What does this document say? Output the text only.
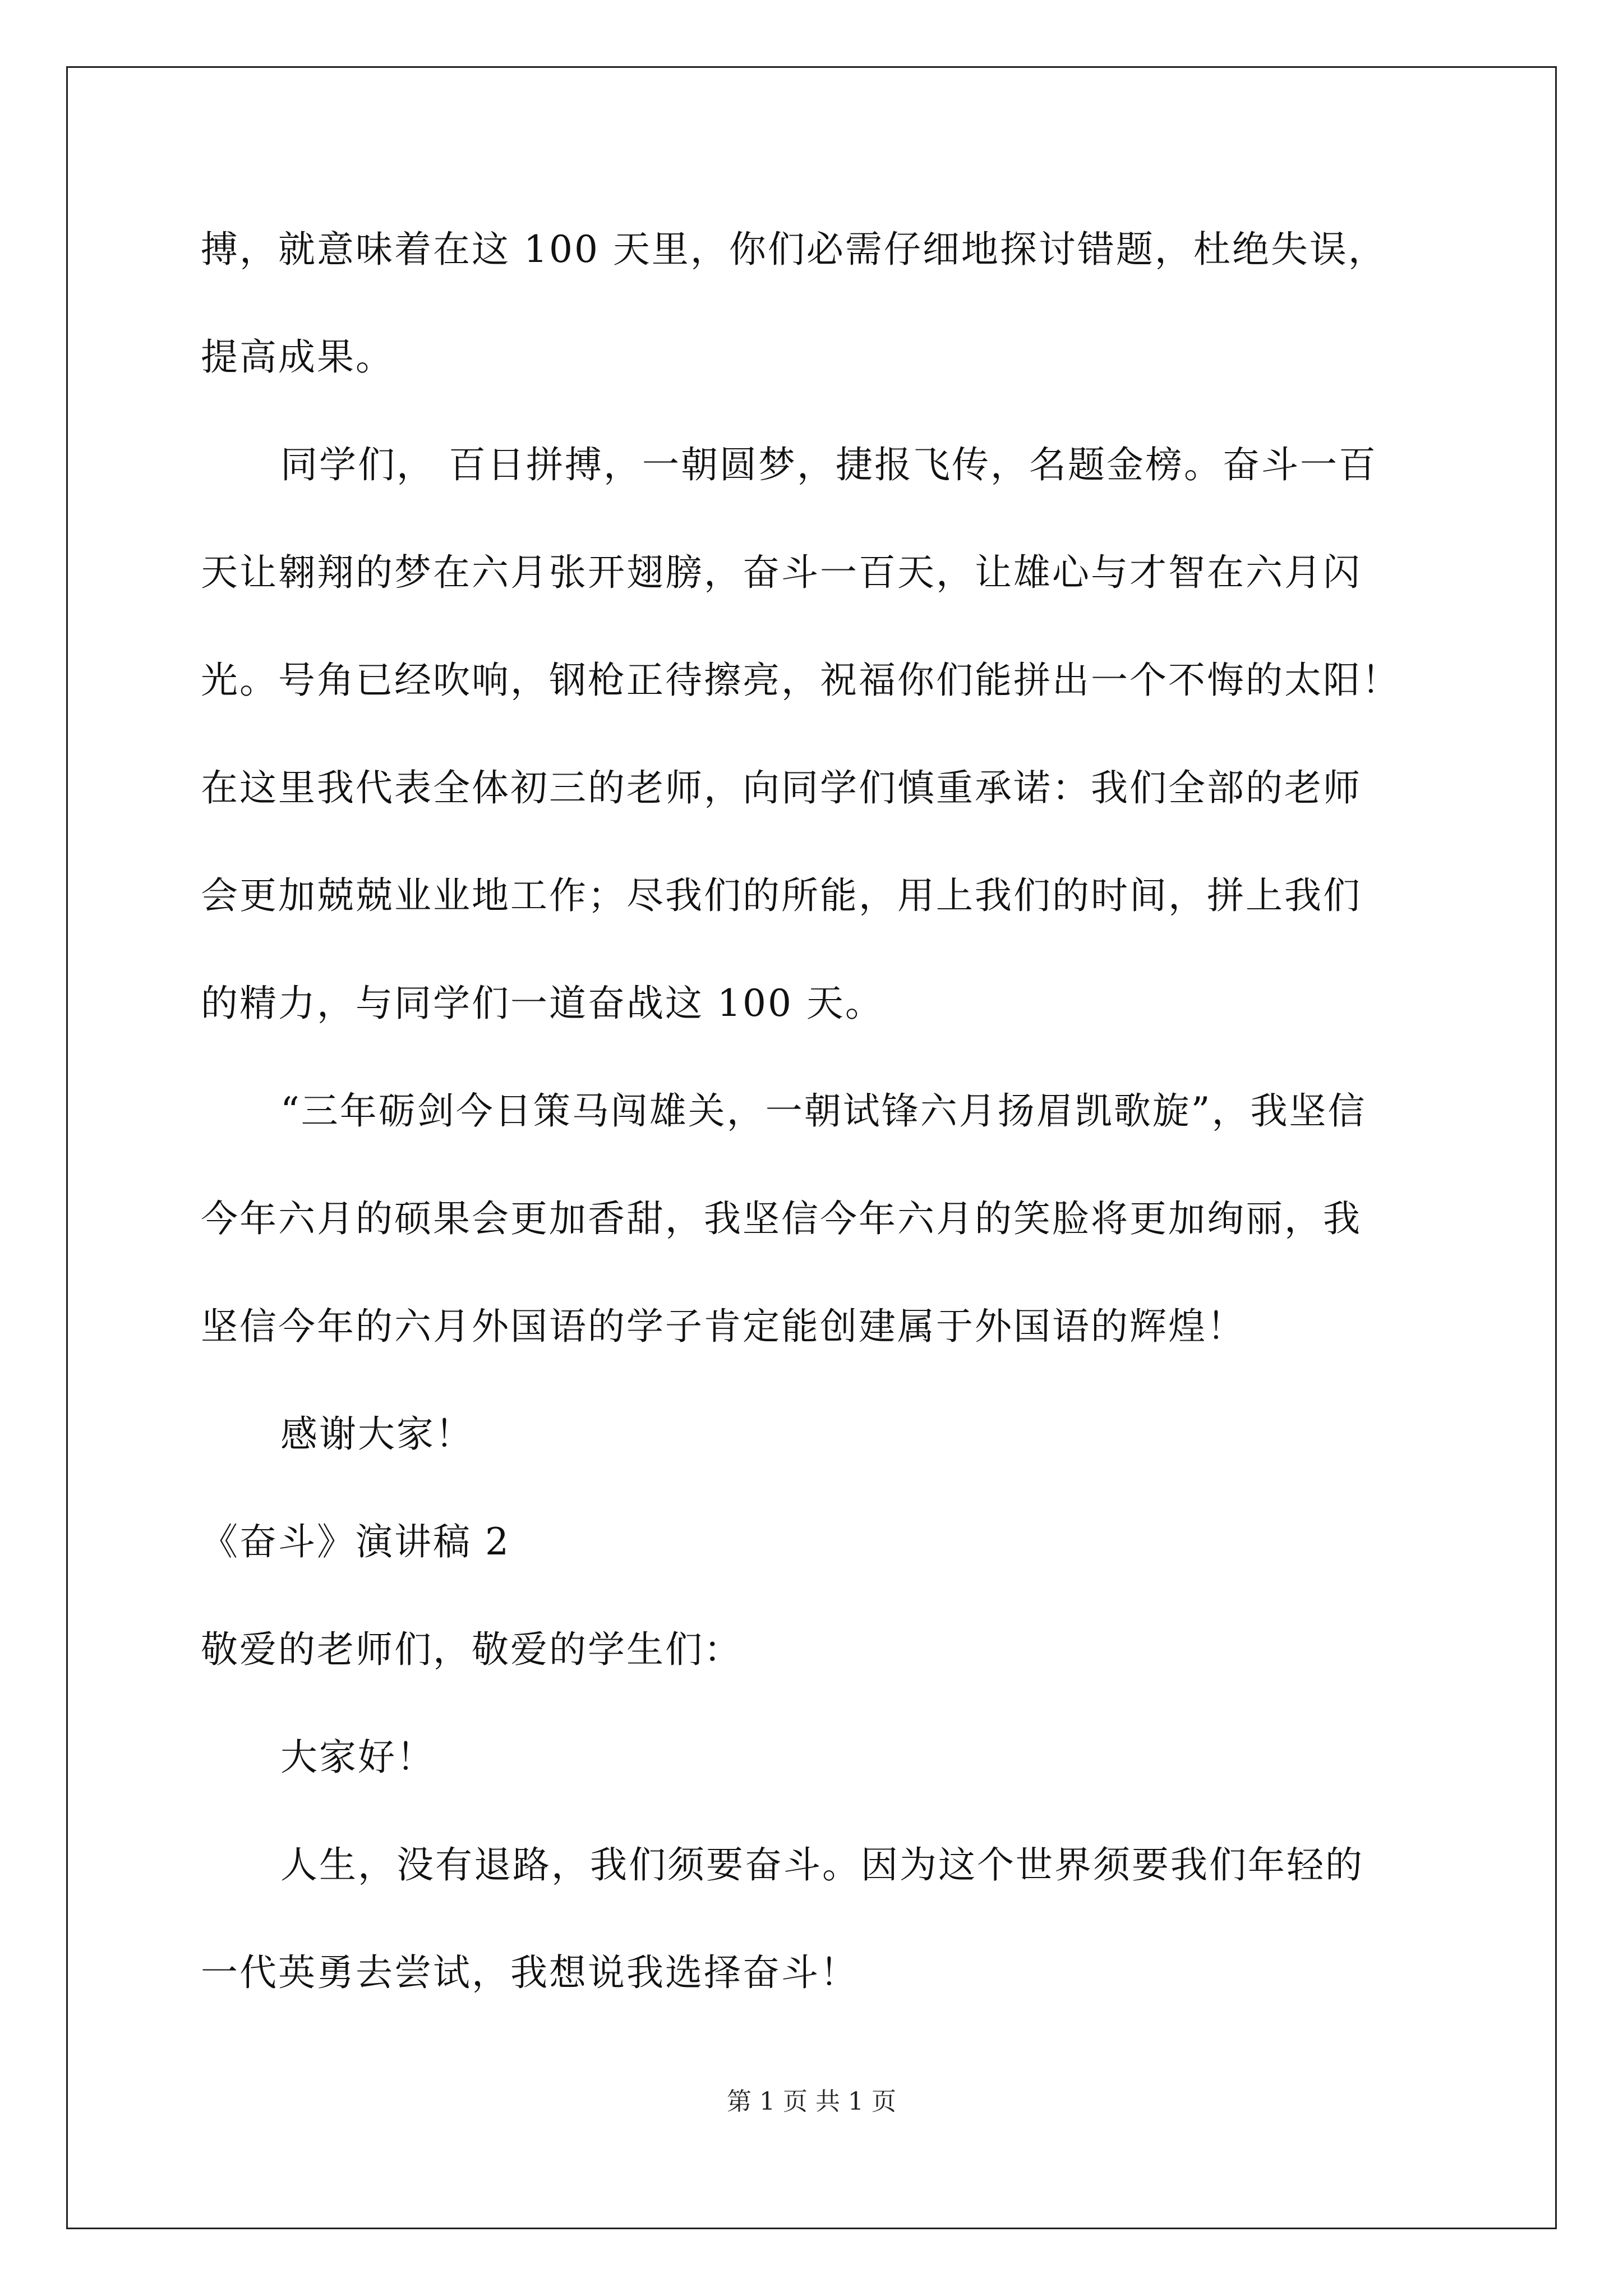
搏，就意味着在这 100 天里，你们必需仔细地探讨错题，杜绝失误，
提高成果。
同学们， 百日拼搏，一朝圆梦，捷报飞传，名题金榜。奋斗一百
天让翱翔的梦在六月张开翅膀，奋斗一百天，让雄心与才智在六月闪
光。号角已经吹响，钢枪正待擦亮，祝福你们能拼出一个不悔的太阳！
在这里我代表全体初三的老师，向同学们慎重承诺：我们全部的老师
会更加兢兢业业地工作；尽我们的所能，用上我们的时间，拼上我们
的精力，与同学们一道奋战这 100 天。
“三年砺剑今日策马闯雄关，一朝试锋六月扬眉凯歌旋”，我坚信
今年六月的硕果会更加香甜，我坚信今年六月的笑脸将更加绚丽，我
坚信今年的六月外国语的学子肯定能创建属于外国语的辉煌！
感谢大家！
《奋斗》演讲稿 2
敬爱的老师们，敬爱的学生们：
大家好！
人生，没有退路，我们须要奋斗。因为这个世界须要我们年轻的
一代英勇去尝试，我想说我选择奋斗！
第 1 页 共 1 页
